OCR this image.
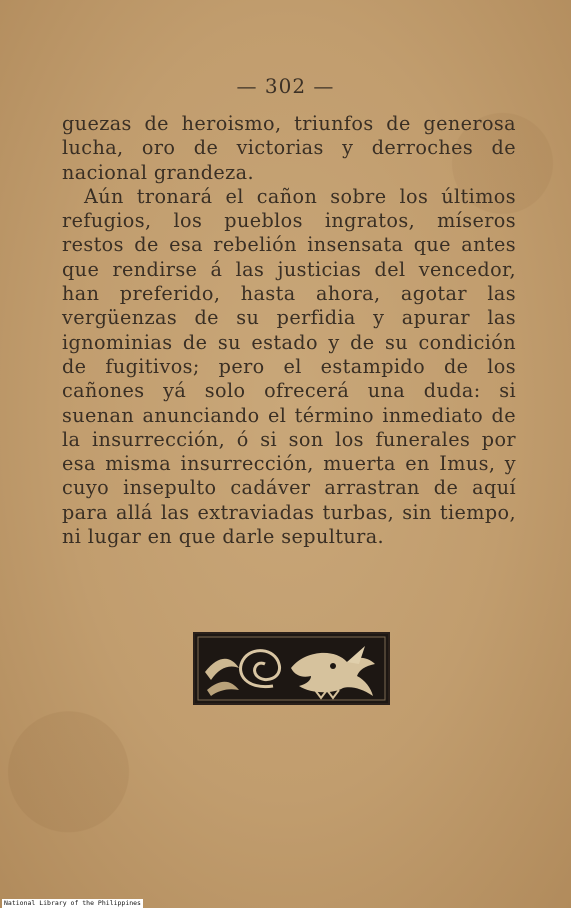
— 302 —

guezas de heroismo, triunfos de generosa lucha, oro de victorias y derroches de nacional grandeza.

Aún tronará el cañon sobre los últimos refugios, los pueblos ingratos, míseros restos de esa rebelión insensata que antes que rendirse á las justicias del vencedor, han preferido, hasta ahora, agotar las vergüenzas de su perfidia y apurar las ignominias de su estado y de su condición de fugitivos; pero el estampido de los cañones yá solo ofrecerá una duda: si suenan anunciando el término inmediato de la insurrección, ó si son los funerales por esa misma insurrección, muerta en Imus, y cuyo insepulto cadáver arrastran de aquí para allá las extraviadas turbas, sin tiempo, ni lugar en que darle sepultura.

National Library of the Philippines
